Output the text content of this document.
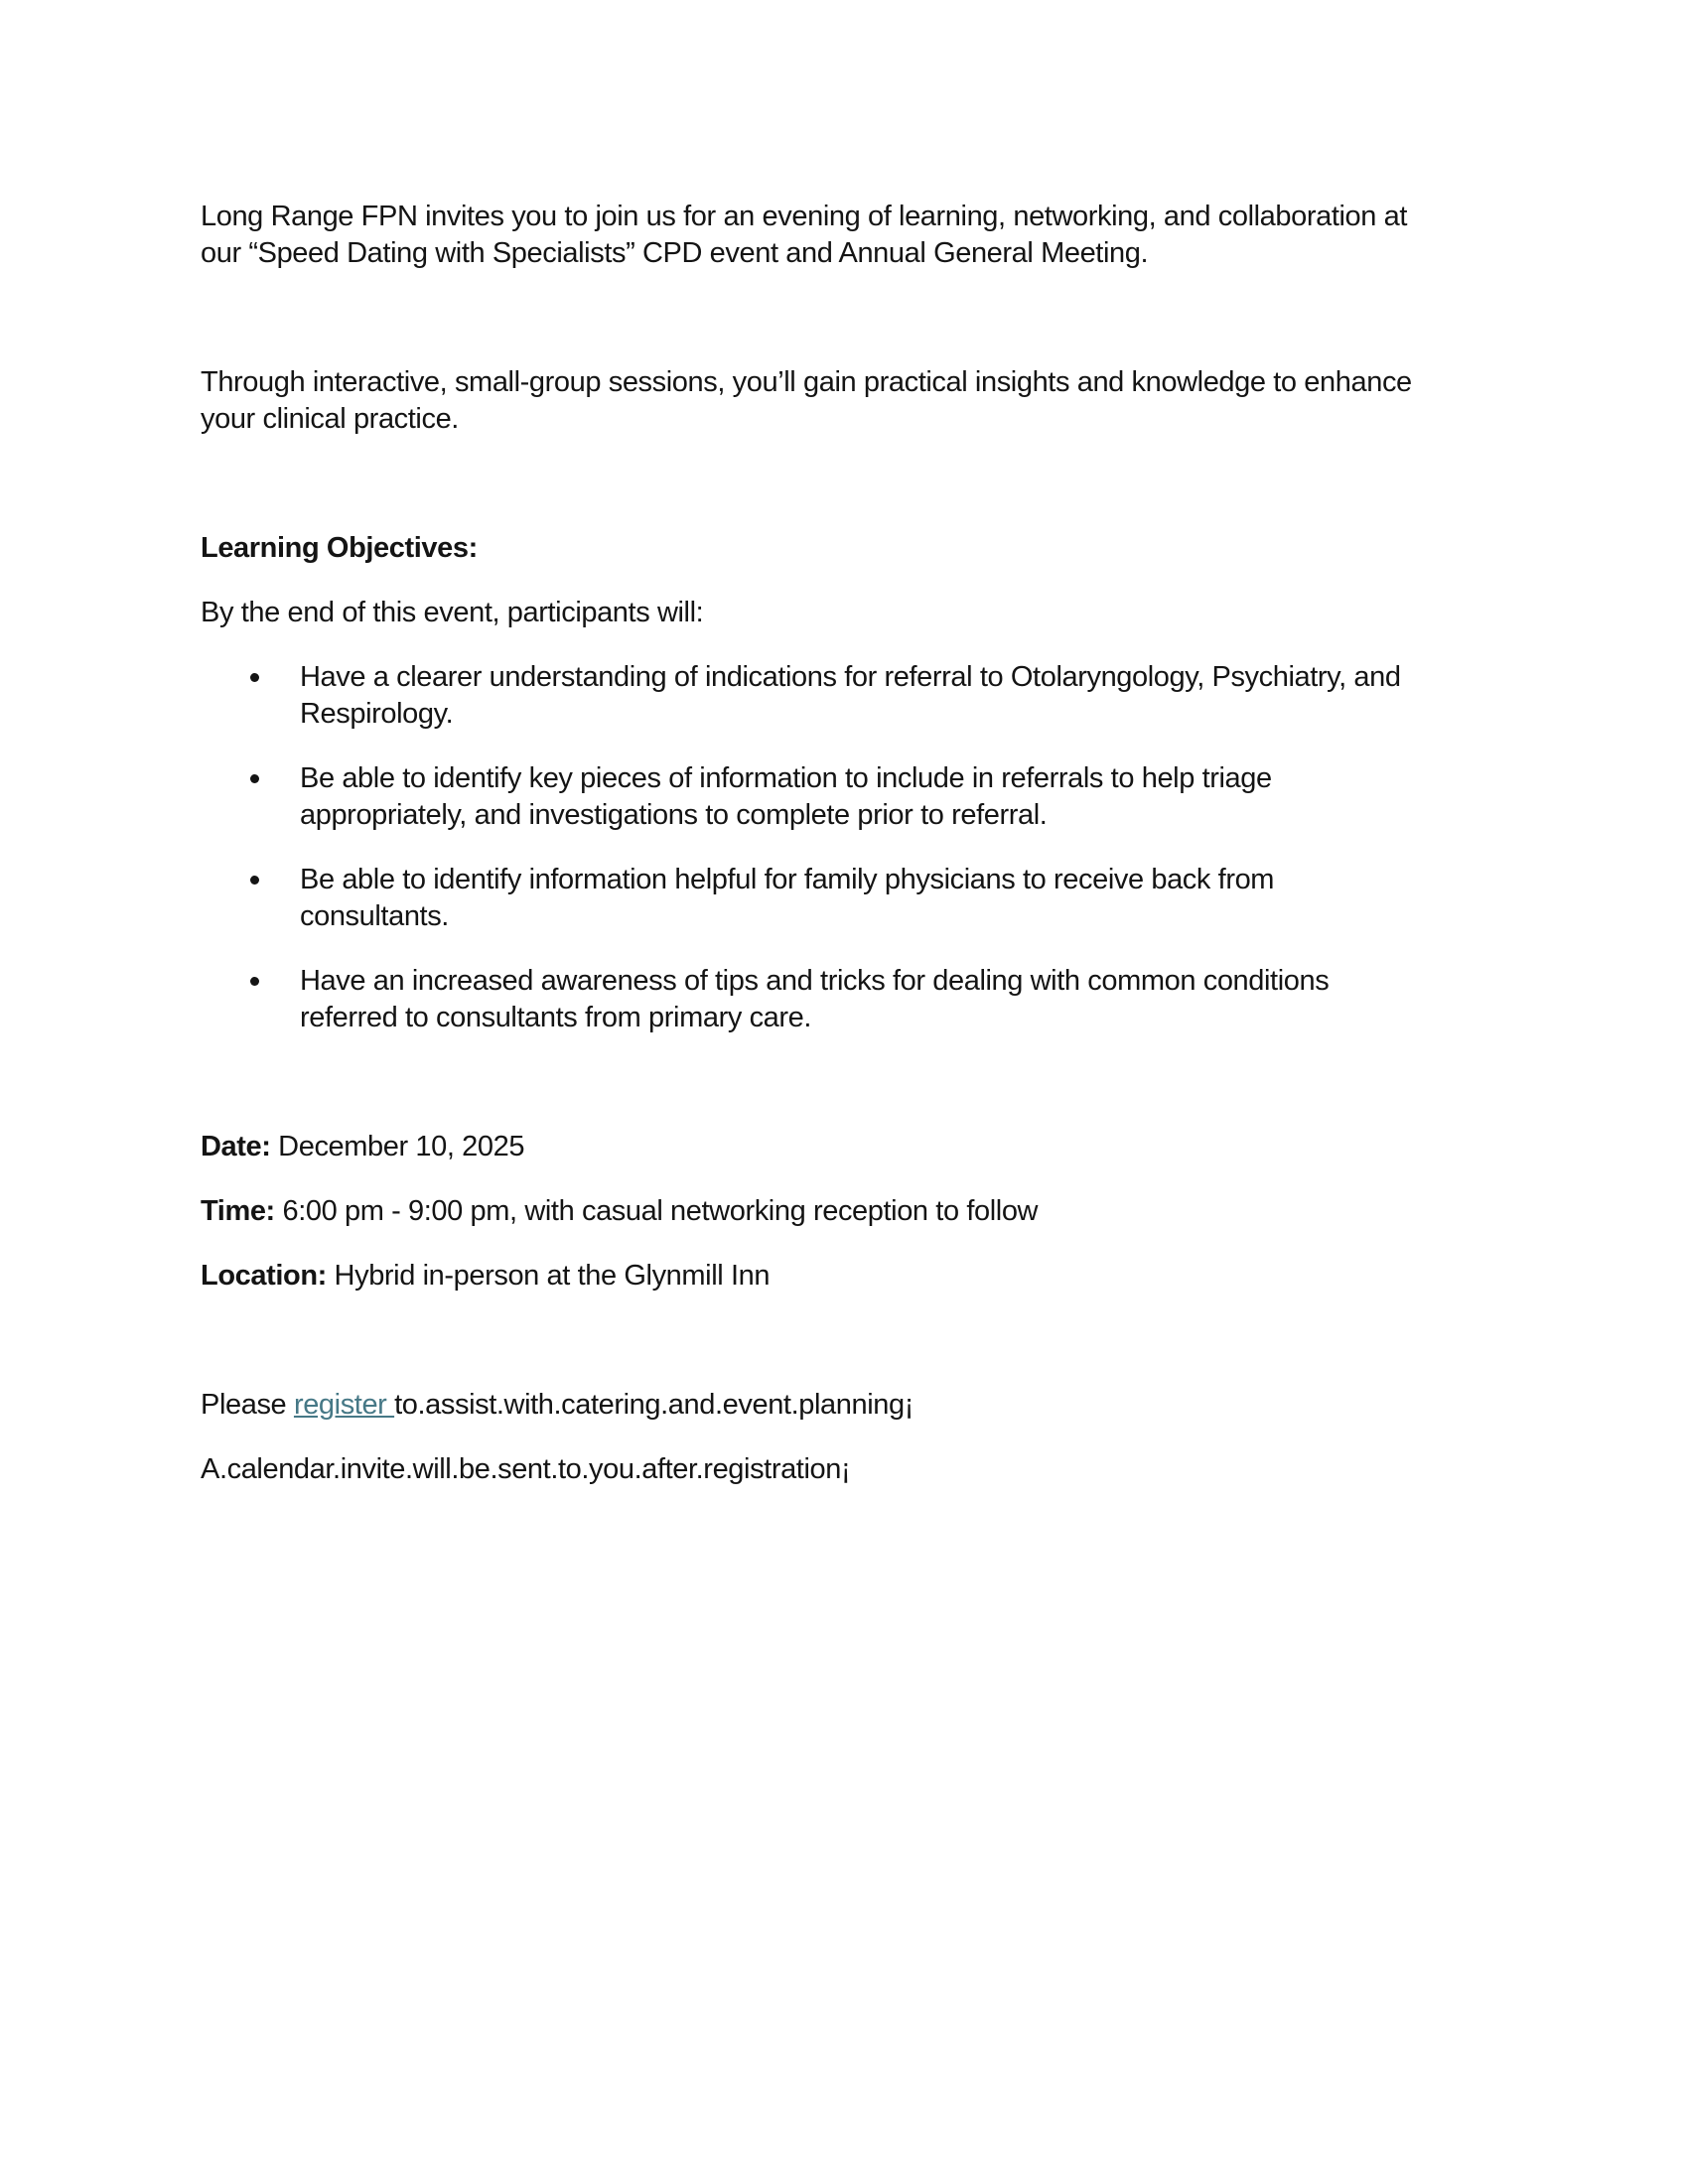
Long Range FPN invites you to join us for an evening of learning, networking, and collaboration at
our “Speed Dating with Specialists” CPD event and Annual General Meeting.

Through interactive, small-group sessions, you’ll gain practical insights and knowledge to enhance
your clinical practice.

Learning Objectives:

By the end of this event, participants will:

Have a clearer understanding of indications for referral to Otolaryngology, Psychiatry, and
Respirology.
Be able to identify key pieces of information to include in referrals to help triage
appropriately, and investigations to complete prior to referral.
Be able to identify information helpful for family physicians to receive back from
consultants.
Have an increased awareness of tips and tricks for dealing with common conditions
referred to consultants from primary care.

Date: December 10, 2025

Time: 6:00 pm - 9:00 pm, with casual networking reception to follow

Location: Hybrid in-person at the Glynmill Inn

Please register to.assist.with.catering.and.event.planning¡

A.calendar.invite.will.be.sent.to.you.after.registration¡
